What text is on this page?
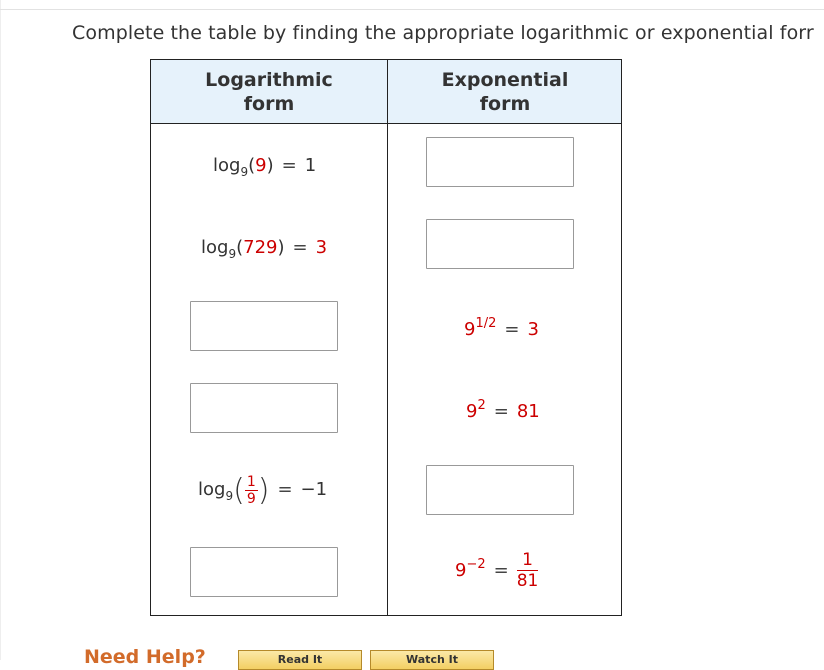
Complete the table by finding the appropriate logarithmic or exponential forr
Logarithmic
form
Exponential
form
$\log_9(9) = 1$
$\log_9(729) = 3$
$9^{1/2} = 3$
$9^2 = 81$
$\log_9( \frac{1}{9}$ ) = −1
$9^{-2} = \frac{1}{81}$
Need Help?	Read It	Watch It
